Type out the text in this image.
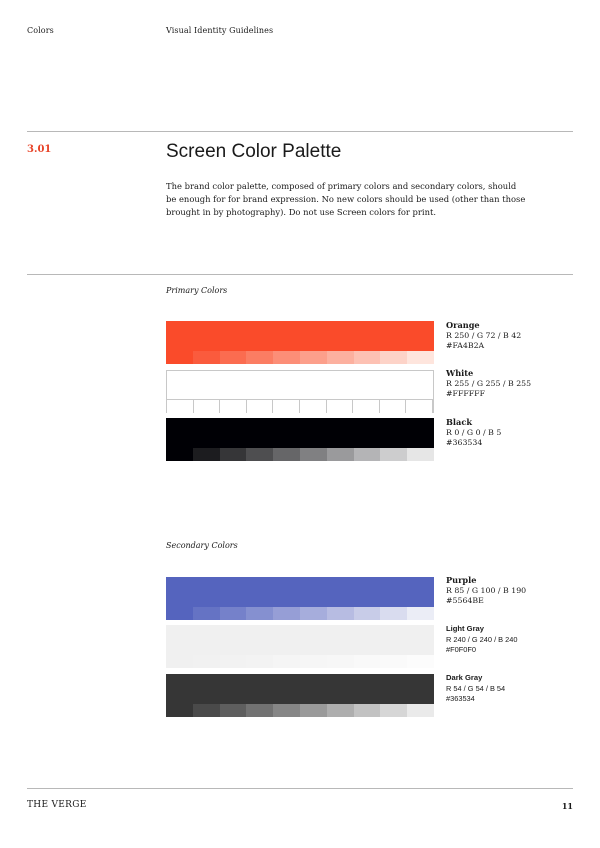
Colors	Visual Identity Guidelines
3.01	Screen Color Palette
The brand color palette, composed of primary colors and secondary colors, should be enough for for brand expression. No new colors should be used (other than those brought in by photography). Do not use Screen colors for print.
Primary Colors
Orange
R 250 / G 72 / B 42
#FA4B2A
White
R 255 / G 255 / B 255
#FFFFFF
Black
R 0 / G 0 / B 5
#363534
Secondary Colors
Purple
R 85 / G 100 / B 190
#5564BE
Light Gray
R 240 / G 240 / B 240
#F0F0F0
Dark Gray
R 54 / G 54 / B 54
#363534
THE VERGE	11
